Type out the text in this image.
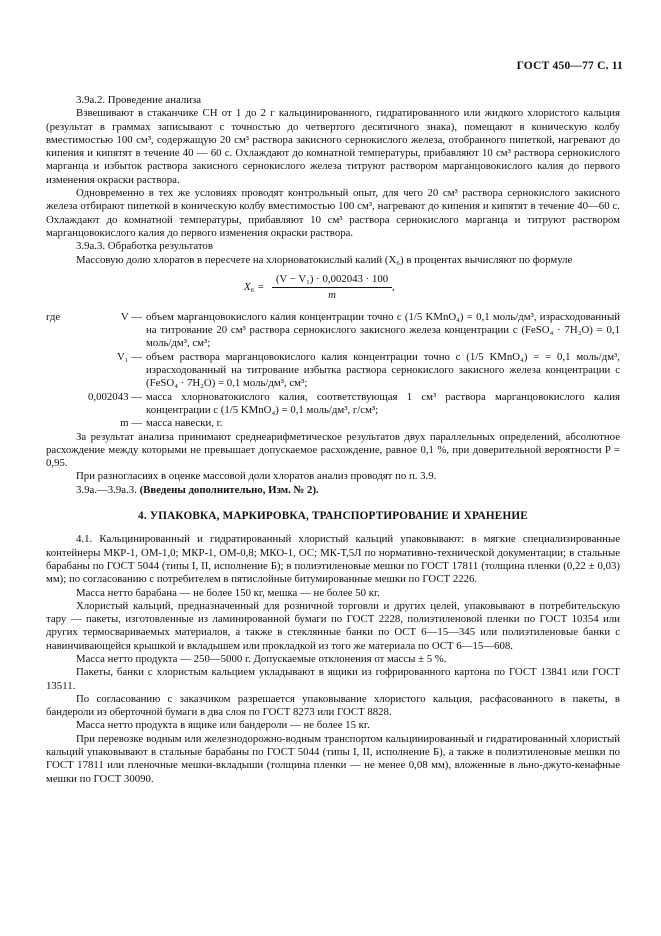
ГОСТ 450—77 С. 11

3.9а.2. Проведение анализа

Взвешивают в стаканчике СН от 1 до 2 г кальцинированного, гидратированного или жидкого хлористого кальция (результат в граммах записывают с точностью до четвертого десятичного знака), помещают в коническую колбу вместимостью 100 см³, содержащую 20 см³ раствора закисного сернокислого железа, отобранного пипеткой, нагревают до кипения и кипятят в течение 40 — 60 с. Охлаждают до комнатной температуры, прибавляют 10 см³ раствора сернокислого марганца и избыток раствора закисного сернокислого железа титруют раствором марганцовокислого калия до первого изменения окраски раствора.

Одновременно в тех же условиях проводят контрольный опыт, для чего 20 см³ раствора сернокислого закисного железа отбирают пипеткой в коническую колбу вместимостью 100 см³, нагревают до кипения и кипятят в течение 40—60 с. Охлаждают до комнатной температуры, прибавляют 10 см³ раствора сернокислого марганца и титруют раствором марганцовокислого калия до первого изменения окраски раствора.

3.9а.3. Обработка результатов

Массовую долю хлоратов в пересчете на хлорноватокислый калий (X₆) в процентах вычисляют по формуле

$X_6 = \frac{\text{(V − V₁) · 0,002043 · 100}}{m}$ ,
где	V — объем марганцовокислого калия концентрации точно c (1/5 KMnO₄) = 0,1 моль/дм³, израсходованный на титрование 20 см³ раствора сернокислого закисного железа концентрации c (FeSO₄ · 7H₂O) = 0,1 моль/дм³, см³;
V₁ — объем раствора марганцовокислого калия концентрации точно c (1/5 KMnO₄) = = 0,1 моль/дм³, израсходованный на титрование избытка раствора сернокислого закисного железа концентрации c (FeSO₄ · 7H₂O) = 0,1 моль/дм³, см³;
0,002043 — масса хлорноватокислого калия, соответствующая 1 см³ раствора марганцовокислого калия концентрации c (1/5 KMnO₄) = 0,1 моль/дм³, г/см³;
m — масса навески, г.

За результат анализа принимают среднеарифметическое результатов двух параллельных определений, абсолютное расхождение между которыми не превышает допускаемое расхождение, равное 0,1 %, при доверительной вероятности P = 0,95.

При разногласиях в оценке массовой доли хлоратов анализ проводят по п. 3.9.

3.9а.—3.9а.3. (Введены дополнительно, Изм. № 2).

4. УПАКОВКА, МАРКИРОВКА, ТРАНСПОРТИРОВАНИЕ И ХРАНЕНИЕ

4.1. Кальцинированный и гидратированный хлористый кальций упаковывают: в мягкие специализированные контейнеры МКР-1, ОМ-1,0; МКР-1, ОМ-0,8; МКО-1, ОС; МК-Т,5Л по нормативно-технической документации; в стальные барабаны по ГОСТ 5044 (типы I, II, исполнение Б); в полиэтиленовые мешки по ГОСТ 17811 (толщина пленки (0,22 ± 0,03) мм); по согласованию с потребителем в пятислойные битумированные мешки по ГОСТ 2226.

Масса нетто барабана — не более 150 кг, мешка — не более 50 кг.

Хлористый кальций, предназначенный для розничной торговли и других целей, упаковывают в потребительскую тару — пакеты, изготовленные из ламинированной бумаги по ГОСТ 2228, полиэтиленовой пленки по ГОСТ 10354 или других термосвариваемых материалов, а также в стеклянные банки по ОСТ 6—15—345 или полиэтиленовые банки с навинчивающейся крышкой и вкладышем или прокладкой из того же материала по ОСТ 6—15—608.

Масса нетто продукта — 250—5000 г. Допускаемые отклонения от массы ± 5 %.

Пакеты, банки с хлористым кальцием укладывают в ящики из гофрированного картона по ГОСТ 13841 или ГОСТ 13511.

По согласованию с заказчиком разрешается упаковывание хлористого кальция, расфасованного в пакеты, в бандероли из оберточной бумаги в два слоя по ГОСТ 8273 или ГОСТ 8828.

Масса нетто продукта в ящике или бандероли — не более 15 кг.

При перевозке водным или железнодорожно-водным транспортом кальцинированный и гидратированный хлористый кальций упаковывают в стальные барабаны по ГОСТ 5044 (типы I, II, исполнение Б), а также в полиэтиленовые мешки по ГОСТ 17811 или пленочные мешки-вкладыши (толщина пленки — не менее 0,08 мм), вложенные в льно-джуто-кенафные мешки по ГОСТ 30090.
